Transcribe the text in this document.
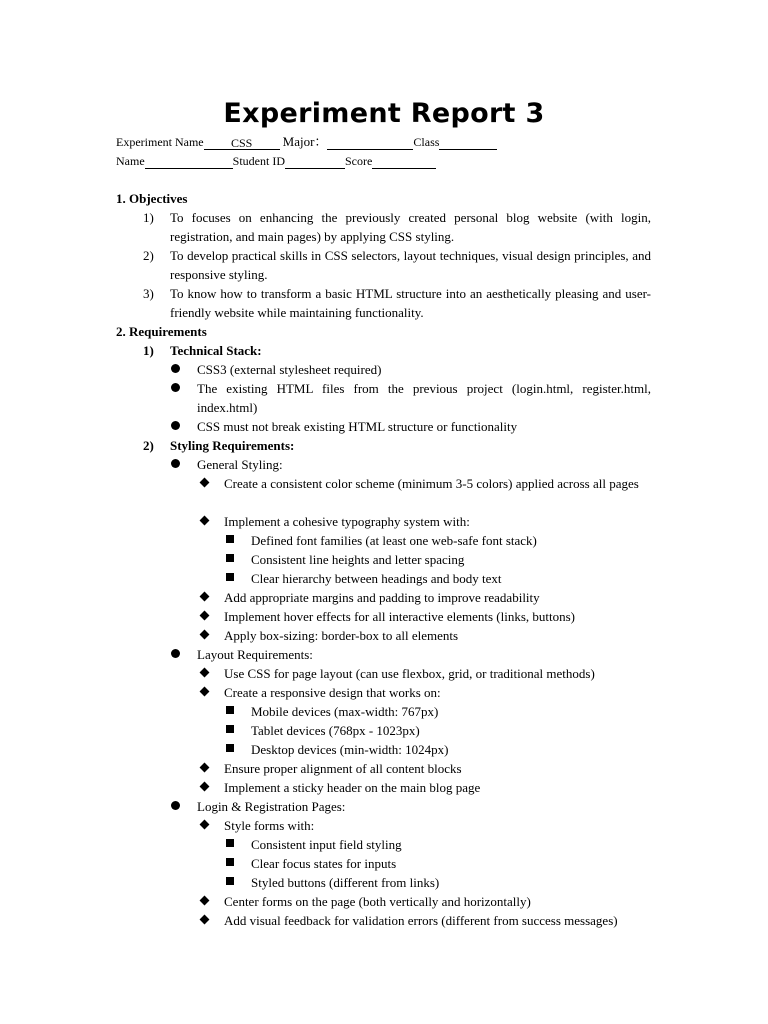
Experiment Report 3
Experiment Name CSS Major：	Class
Name	Student ID	Score
1. Objectives
1) To focuses on enhancing the previously created personal blog website (with login, registration, and main pages) by applying CSS styling.
2) To develop practical skills in CSS selectors, layout techniques, visual design principles, and responsive styling.
3) To know how to transform a basic HTML structure into an aesthetically pleasing and user-friendly website while maintaining functionality.
2. Requirements
1) Technical Stack:
CSS3 (external stylesheet required)
The existing HTML files from the previous project (login.html, register.html, index.html)
CSS must not break existing HTML structure or functionality
2) Styling Requirements:
General Styling:
Create a consistent color scheme (minimum 3-5 colors) applied across all pages
Implement a cohesive typography system with:
Defined font families (at least one web-safe font stack)
Consistent line heights and letter spacing
Clear hierarchy between headings and body text
Add appropriate margins and padding to improve readability
Implement hover effects for all interactive elements (links, buttons)
Apply box-sizing: border-box to all elements
Layout Requirements:
Use CSS for page layout (can use flexbox, grid, or traditional methods)
Create a responsive design that works on:
Mobile devices (max-width: 767px)
Tablet devices (768px - 1023px)
Desktop devices (min-width: 1024px)
Ensure proper alignment of all content blocks
Implement a sticky header on the main blog page
Login & Registration Pages:
Style forms with:
Consistent input field styling
Clear focus states for inputs
Styled buttons (different from links)
Center forms on the page (both vertically and horizontally)
Add visual feedback for validation errors (different from success messages)
